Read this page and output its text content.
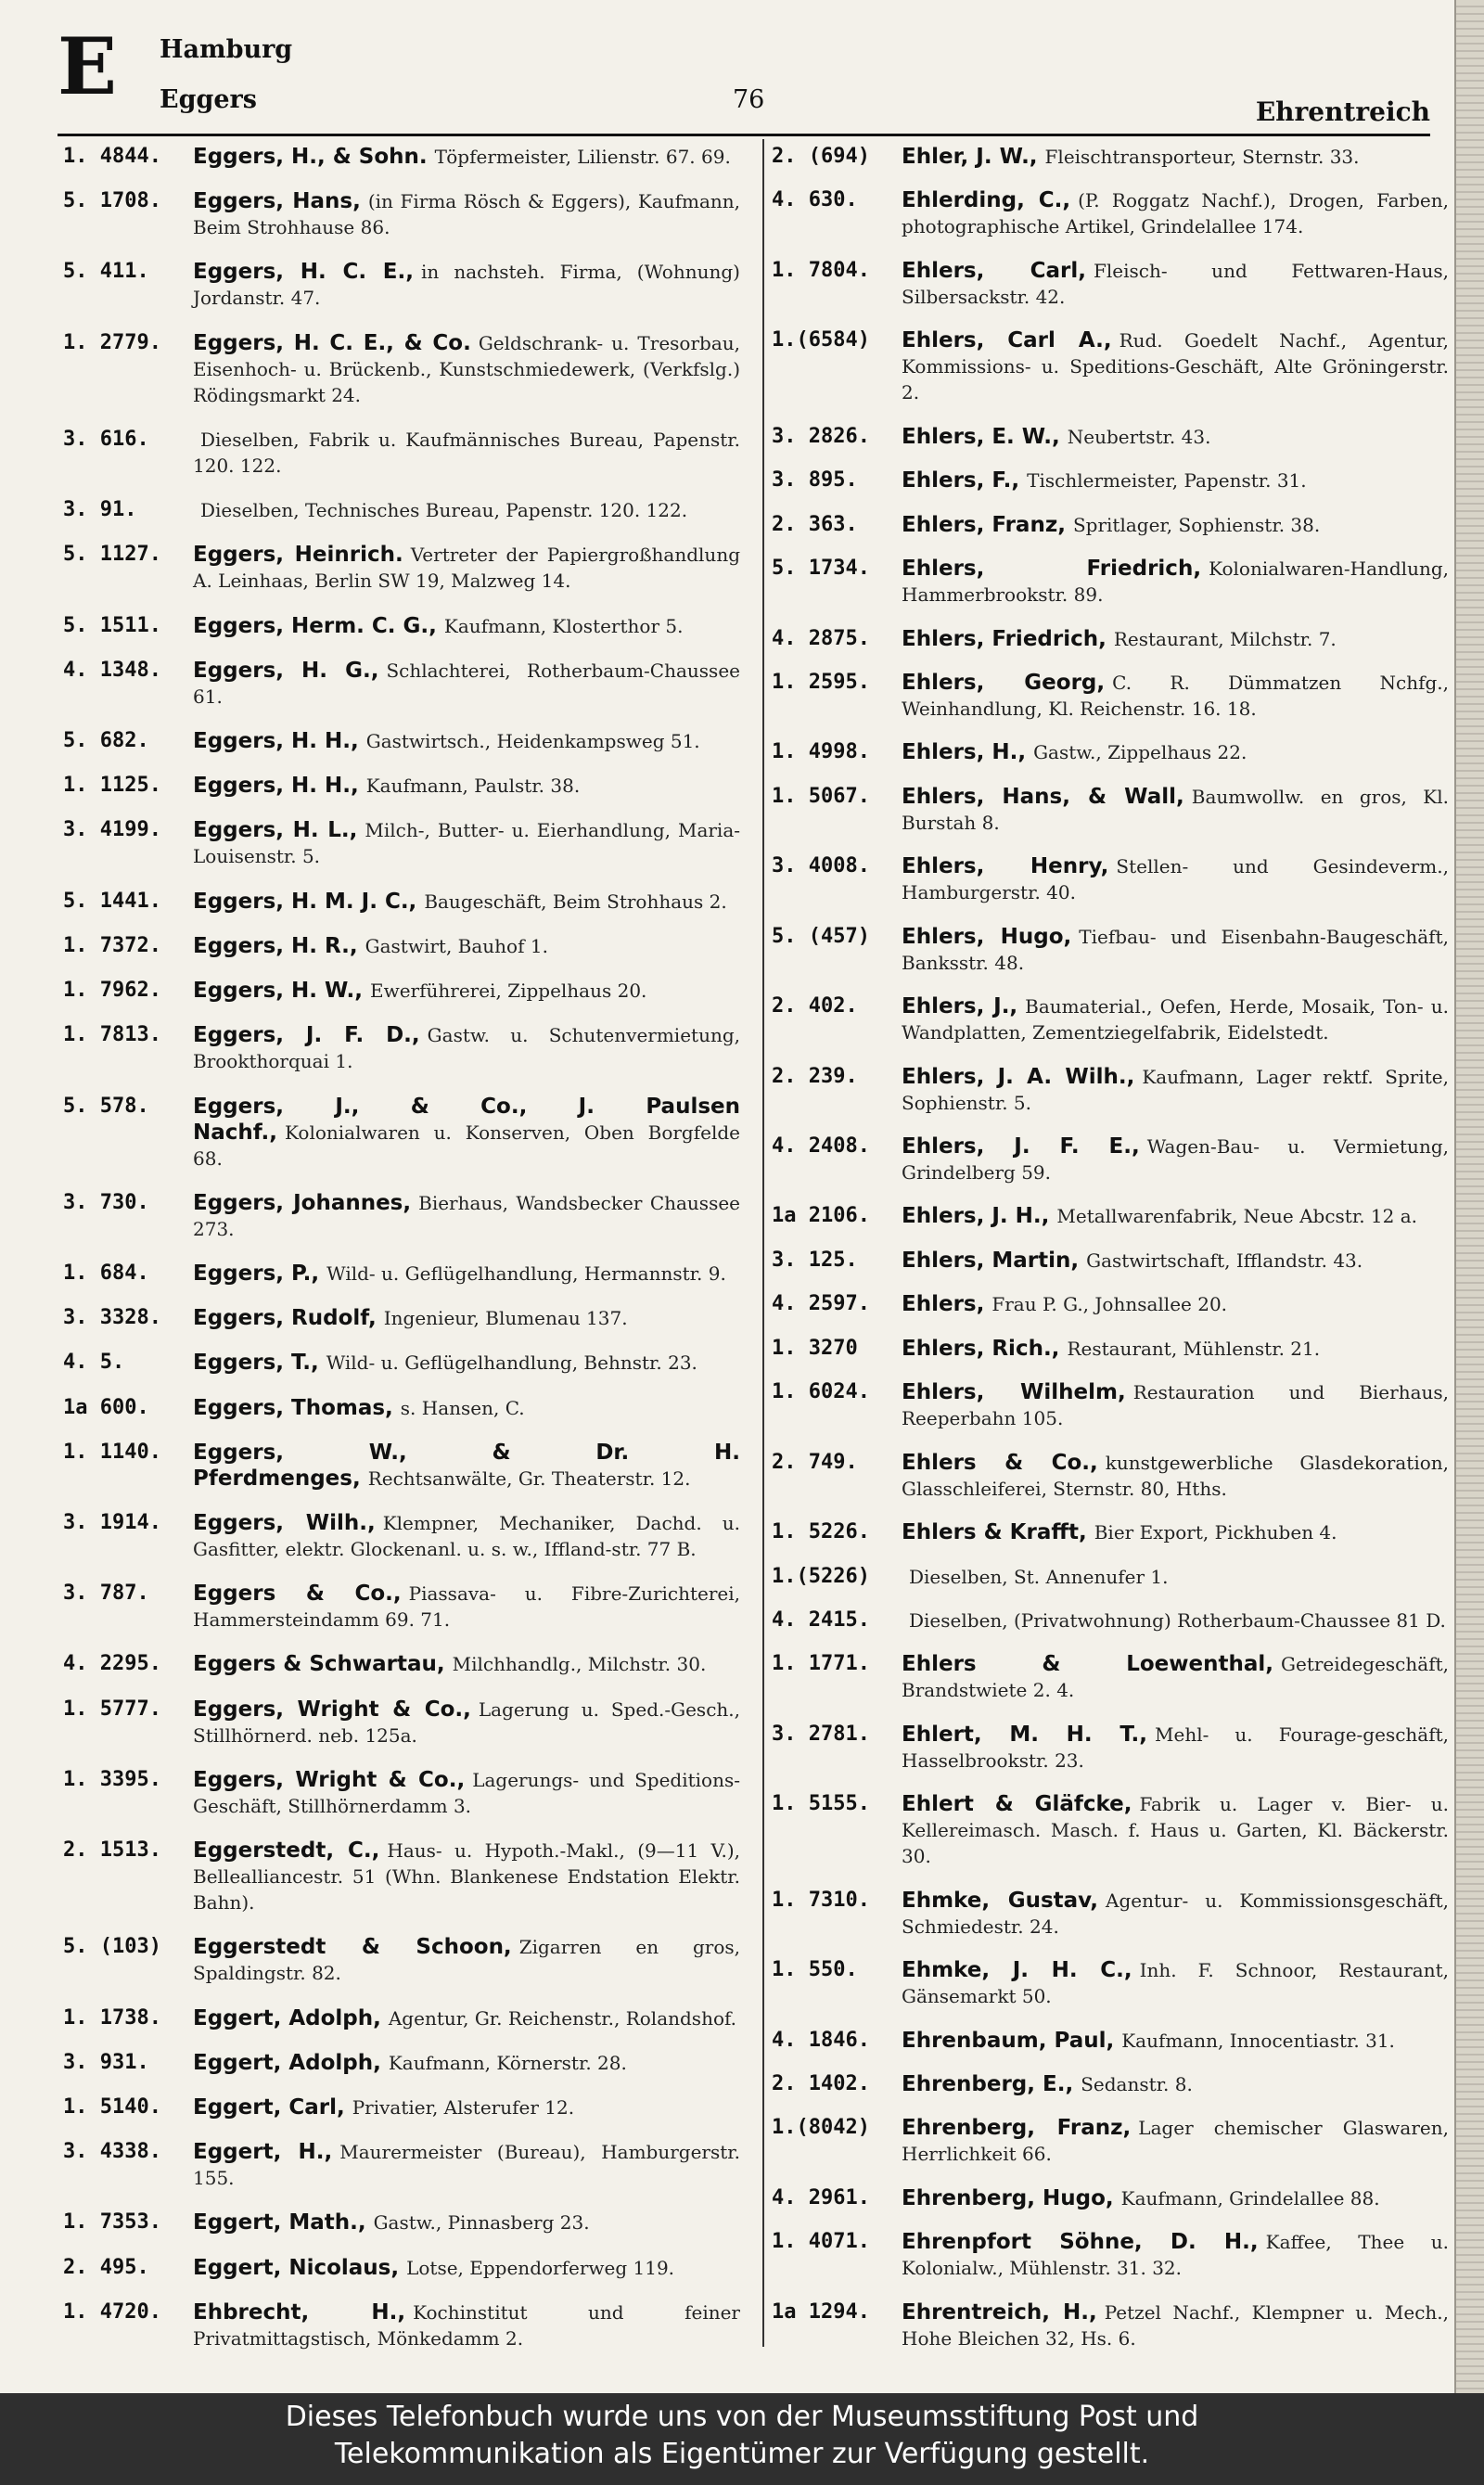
E Hamburg
Eggers	76	Ehrentreich
1. 4844.	Eggers, H., & Sohn. Töpfermeister, Lilienstr. 67. 69.
5. 1708.	Eggers, Hans, (in Firma Rösch & Eggers), Kaufmann, Beim Strohhause 86.
5. 411.	Eggers, H. C. E., in nachsteh. Firma, (Wohnung) Jordanstr. 47.
1. 2779.	Eggers, H. C. E., & Co. Geldschrank- u. Tresorbau, Eisenhoch- u. Brückenb., Kunstschmiedewerk, (Verkfslg.) Rödingsmarkt 24.
3. 616.	Dieselben, Fabrik u. Kaufmännisches Bureau, Papenstr. 120. 122.
3. 91.	Dieselben, Technisches Bureau, Papenstr. 120. 122.
5. 1127.	Eggers, Heinrich. Vertreter der Papiergroßhandlung A. Leinhaas, Berlin SW 19, Malzweg 14.
5. 1511.	Eggers, Herm. C. G., Kaufmann, Klosterthor 5.
4. 1348.	Eggers, H. G., Schlachterei, Rotherbaum-Chaussee 61.
5. 682.	Eggers, H. H., Gastwirtsch., Heidenkampsweg 51.
1. 1125.	Eggers, H. H., Kaufmann, Paulstr. 38.
3. 4199.	Eggers, H. L., Milch-, Butter- u. Eierhandlung, Maria-Louisenstr. 5.
5. 1441.	Eggers, H. M. J. C., Baugeschäft, Beim Strohhaus 2.
1. 7372.	Eggers, H. R., Gastwirt, Bauhof 1.
1. 7962.	Eggers, H. W., Ewerführerei, Zippelhaus 20.
1. 7813.	Eggers, J. F. D., Gastw. u. Schutenvermietung, Brookthorquai 1.
5. 578.	Eggers, J., & Co., J. Paulsen Nachf., Kolonialwaren u. Konserven, Oben Borgfelde 68.
3. 730.	Eggers, Johannes, Bierhaus, Wandsbecker Chaussee 273.
1. 684.	Eggers, P., Wild- u. Geflügelhandlung, Hermannstr. 9.
3. 3328.	Eggers, Rudolf, Ingenieur, Blumenau 137.
4. 5.	Eggers, T., Wild- u. Geflügelhandlung, Behnstr. 23.
1a 600.	Eggers, Thomas, s. Hansen, C.
1. 1140.	Eggers, W., & Dr. H. Pferdmenges, Rechtsanwälte, Gr. Theaterstr. 12.
3. 1914.	Eggers, Wilh., Klempner, Mechaniker, Dachd. u. Gasfitter, elektr. Glockenanl. u. s. w., Iffland-str. 77 B.
3. 787.	Eggers & Co., Piassava- u. Fibre-Zurichterei, Hammersteindamm 69. 71.
4. 2295.	Eggers & Schwartau, Milchhandlg., Milchstr. 30.
1. 5777.	Eggers, Wright & Co., Lagerung u. Sped.-Gesch., Stillhörnerd. neb. 125a.
1. 3395.	Eggers, Wright & Co., Lagerungs- und Speditions-Geschäft, Stillhörnerdamm 3.
2. 1513.	Eggerstedt, C., Haus- u. Hypoth.-Makl., (9—11 V.), Bellealliancestr. 51 (Whn. Blankenese Endstation Elektr. Bahn).
5. (103)	Eggerstedt & Schoon, Zigarren en gros, Spaldingstr. 82.
1. 1738.	Eggert, Adolph, Agentur, Gr. Reichenstr., Rolandshof.
3. 931.	Eggert, Adolph, Kaufmann, Körnerstr. 28.
1. 5140.	Eggert, Carl, Privatier, Alsterufer 12.
3. 4338.	Eggert, H., Maurermeister (Bureau), Hamburgerstr. 155.
1. 7353.	Eggert, Math., Gastw., Pinnasberg 23.
2. 495.	Eggert, Nicolaus, Lotse, Eppendorferweg 119.
1. 4720.	Ehbrecht, H., Kochinstitut und feiner Privatmittagstisch, Mönkedamm 2.
2. (694)	Ehler, J. W., Fleischtransporteur, Sternstr. 33.
4. 630.	Ehlerding, C., (P. Roggatz Nachf.), Drogen, Farben, photographische Artikel, Grindelallee 174.
1. 7804.	Ehlers, Carl, Fleisch- und Fettwaren-Haus, Silbersackstr. 42.
1.(6584)	Ehlers, Carl A., Rud. Goedelt Nachf., Agentur, Kommissions- u. Speditions-Geschäft, Alte Gröningerstr. 2.
3. 2826.	Ehlers, E. W., Neubertstr. 43.
3. 895.	Ehlers, F., Tischlermeister, Papenstr. 31.
2. 363.	Ehlers, Franz, Spritlager, Sophienstr. 38.
5. 1734.	Ehlers, Friedrich, Kolonialwaren-Handlung, Hammerbrookstr. 89.
4. 2875.	Ehlers, Friedrich, Restaurant, Milchstr. 7.
1. 2595.	Ehlers, Georg, C. R. Dümmatzen Nchfg., Weinhandlung, Kl. Reichenstr. 16. 18.
1. 4998.	Ehlers, H., Gastw., Zippelhaus 22.
1. 5067.	Ehlers, Hans, & Wall, Baumwollw. en gros, Kl. Burstah 8.
3. 4008.	Ehlers, Henry, Stellen- und Gesindeverm., Hamburgerstr. 40.
5. (457)	Ehlers, Hugo, Tiefbau- und Eisenbahn-Baugeschäft, Banksstr. 48.
2. 402.	Ehlers, J., Baumaterial., Oefen, Herde, Mosaik, Ton- u. Wandplatten, Zementziegelfabrik, Eidelstedt.
2. 239.	Ehlers, J. A. Wilh., Kaufmann, Lager rektf. Sprite, Sophienstr. 5.
4. 2408.	Ehlers, J. F. E., Wagen-Bau- u. Vermietung, Grindelberg 59.
1a 2106.	Ehlers, J. H., Metallwarenfabrik, Neue Abcstr. 12 a.
3. 125.	Ehlers, Martin, Gastwirtschaft, Ifflandstr. 43.
4. 2597.	Ehlers, Frau P. G., Johnsallee 20.
1. 3270	Ehlers, Rich., Restaurant, Mühlenstr. 21.
1. 6024.	Ehlers, Wilhelm, Restauration und Bierhaus, Reeperbahn 105.
2. 749.	Ehlers & Co., kunstgewerbliche Glasdekoration, Glasschleiferei, Sternstr. 80, Hths.
1. 5226.	Ehlers & Krafft, Bier Export, Pickhuben 4.
1.(5226)	Dieselben, St. Annenufer 1.
4. 2415.	Dieselben, (Privatwohnung) Rotherbaum-Chaussee 81 D.
1. 1771.	Ehlers & Loewenthal, Getreidegeschäft, Brandstwiete 2. 4.
3. 2781.	Ehlert, M. H. T., Mehl- u. Fourage-geschäft, Hasselbrookstr. 23.
1. 5155.	Ehlert & Gläfcke, Fabrik u. Lager v. Bier- u. Kellereimasch. Masch. f. Haus u. Garten, Kl. Bäckerstr. 30.
1. 7310.	Ehmke, Gustav, Agentur- u. Kommissionsgeschäft, Schmiedestr. 24.
1. 550.	Ehmke, J. H. C., Inh. F. Schnoor, Restaurant, Gänsemarkt 50.
4. 1846.	Ehrenbaum, Paul, Kaufmann, Innocentiastr. 31.
2. 1402.	Ehrenberg, E., Sedanstr. 8.
1.(8042)	Ehrenberg, Franz, Lager chemischer Glaswaren, Herrlichkeit 66.
4. 2961.	Ehrenberg, Hugo, Kaufmann, Grindelallee 88.
1. 4071.	Ehrenpfort Söhne, D. H., Kaffee, Thee u. Kolonialw., Mühlenstr. 31. 32.
1a 1294.	Ehrentreich, H., Petzel Nachf., Klempner u. Mech., Hohe Bleichen 32, Hs. 6.
Dieses Telefonbuch wurde uns von der Museumsstiftung Post und
Telekommunikation als Eigentümer zur Verfügung gestellt.
